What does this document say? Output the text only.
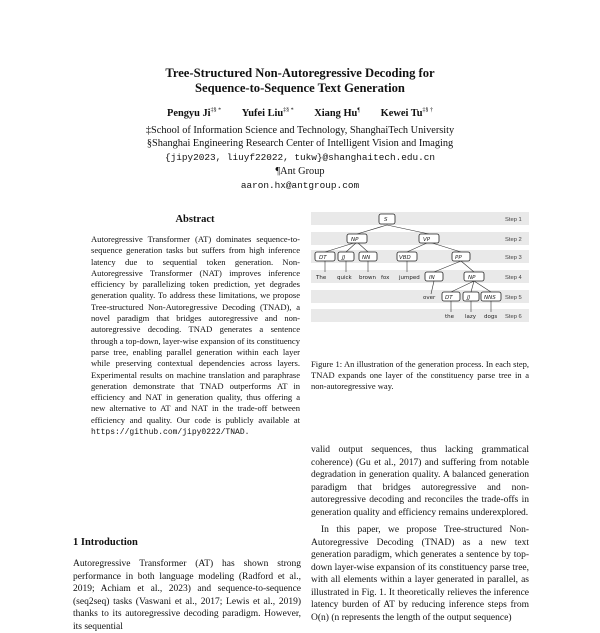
Tree-Structured Non-Autoregressive Decoding for
Sequence-to-Sequence Text Generation
Pengyu Ji‡§ * Yufei Liu‡§ * Xiang Hu¶ Kewei Tu‡§ †
‡School of Information Science and Technology, ShanghaiTech University
§Shanghai Engineering Research Center of Intelligent Vision and Imaging
{jipy2023, liuyf22022, tukw}@shanghaitech.edu.cn
¶Ant Group
aaron.hx@antgroup.com
Abstract
Autoregressive Transformer (AT) dominates sequence-to-sequence generation tasks but suffers from high inference latency due to sequential token generation. Non-Autoregressive Transformer (NAT) improves inference efficiency by parallelizing token prediction, yet degrades generation quality. To address these limitations, we propose Tree-structured Non-Autoregressive Decoding (TNAD), a novel paradigm that bridges autoregressive and non-autoregressive decoding. TNAD generates a sentence through a top-down, layer-wise expansion of its constituency parse tree, enabling parallel generation within each layer while preserving contextual dependencies across layers. Experimental results on machine translation and paraphrase generation demonstrate that TNAD outperforms AT in efficiency and NAT in generation quality, thus offering a new alternative to AT and NAT in the trade-off between efficiency and quality. Our code is publicly available at https://github.com/jipy0222/TNAD.
1 Introduction
Autoregressive Transformer (AT) has shown strong performance in both language modeling (Radford et al., 2019; Achiam et al., 2023) and sequence-to-sequence (seq2seq) tasks (Vaswani et al., 2017; Lewis et al., 2019) thanks to its autoregressive decoding paradigm. However, its sequential
Step 1
Step 2
Step 3
Step 4
Step 5
Step 6
S
NP	VP
DT	JJ	NN	VBD	PP
The quick brown fox jumped IN	NP
over DT	JJ	NNS
the lazy dogs
Figure 1: An illustration of the generation process. In each step, TNAD expands one layer of the constituency parse tree in a non-autoregressive way.

valid output sequences, thus lacking grammatical coherence) (Gu et al., 2017) and suffering from notable degradation in generation quality. A balanced generation paradigm that bridges autoregressive and non-autoregressive decoding and reconciles the trade-offs in generation quality and efficiency remains underexplored.

In this paper, we propose Tree-structured Non-Autoregressive Decoding (TNAD) as a new text generation paradigm, which generates a sentence by top-down layer-wise expansion of its constituency parse tree, with all elements within a layer generated in parallel, as illustrated in Fig. 1. It theoretically relieves the inference latency burden of AT by reducing inference steps from O(n) (n represents the length of the output sequence)
